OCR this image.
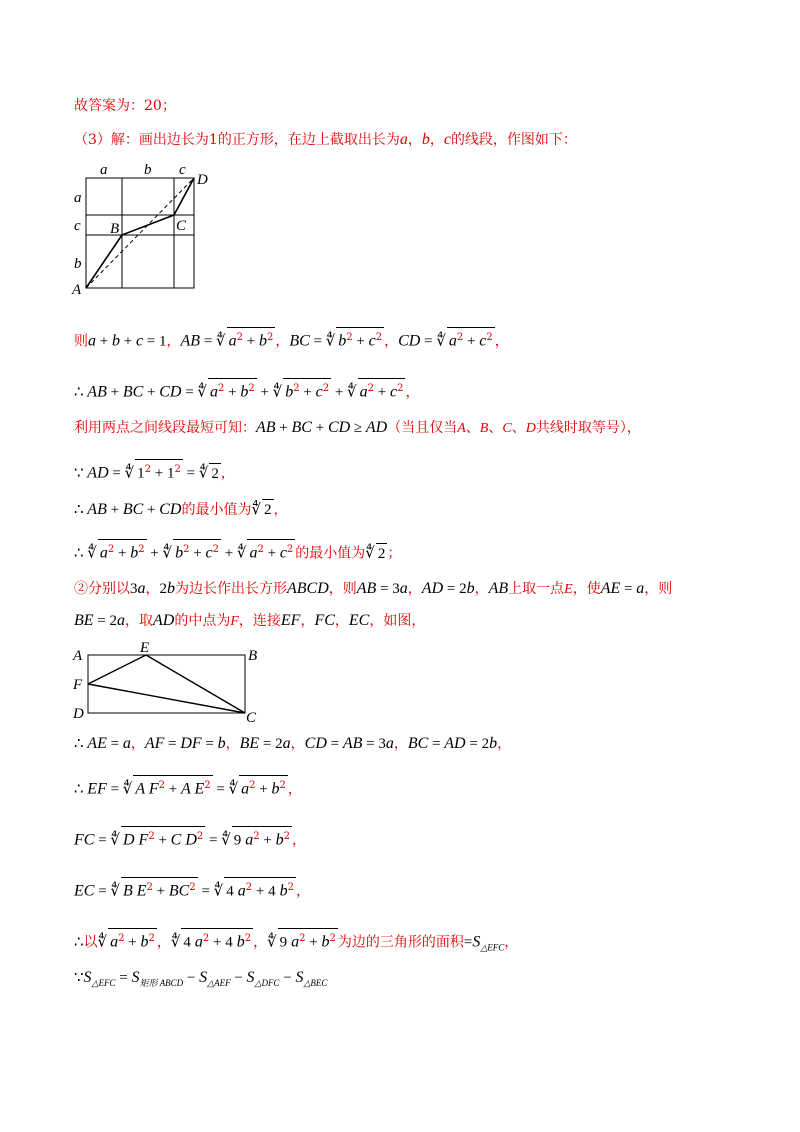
故答案为：20；
（3）解：画出边长为1的正方形，在边上截取出长为a，b，c的线段，作图如下：
a b c
a
c
b
A
B	C
D
则a + b + c = 1，AB = ∜ $a^2 + b^2$ ，BC = ∜ $b^2 + c^2$ ，CD = ∜ $a^2 + c^2$ ，
∴ AB + BC + CD = ∜ $a^2 + b^2$ + ∜ $b^2 + c^2$ + ∜ $a^2 + c^2$ ，
利用两点之间线段最短可知：AB + BC + CD ≥ AD（当且仅当A、B、C、D共线时取等号），
∵ AD = ∜ $1^2 + 1^2$ = ∜ 2 ，
∴ AB + BC + CD的最小值为∜ 2 ，
∴ ∜ $a^2 + b^2$ + ∜ $b^2 + c^2$ + ∜ $a^2 + c^2$ 的最小值为∜ 2 ；
②分别以3a，2b为边长作出长方形ABCD，则AB = 3a，AD = 2b，AB上取一点E，使AE = a，则
BE = 2a，取AD的中点为F，连接EF，FC，EC，如图，
A	B
C
D
E
F
∴ AE = a，AF = DF = b，BE = 2a，CD = AB = 3a，BC = AD = 2b，
∴ EF = ∜ A $F^2 + A$ $E^2$ = ∜ $a^2 + b^2$ ，
FC = ∜ D $F^2 + C$ $D^2$ = ∜ 9 $a^2 + b^2$ ，
EC = ∜ B $E^2 + BC^2$ = ∜ 4 $a^2 + 4$ $b^2$ ，
∴以∜ $a^2 + b^2$ ，∜ 4 $a^2 + 4$ $b^2$ ，∜ 9 $a^2 + b^2$ 为边的三角形的面积$=S_{\triangle EFC}$，
$\because S_{\triangle EFC} = S_{矩形 ABCD} - S_{\triangle AEF} - S_{\triangle DFC} - S_{\triangle BEC}$
